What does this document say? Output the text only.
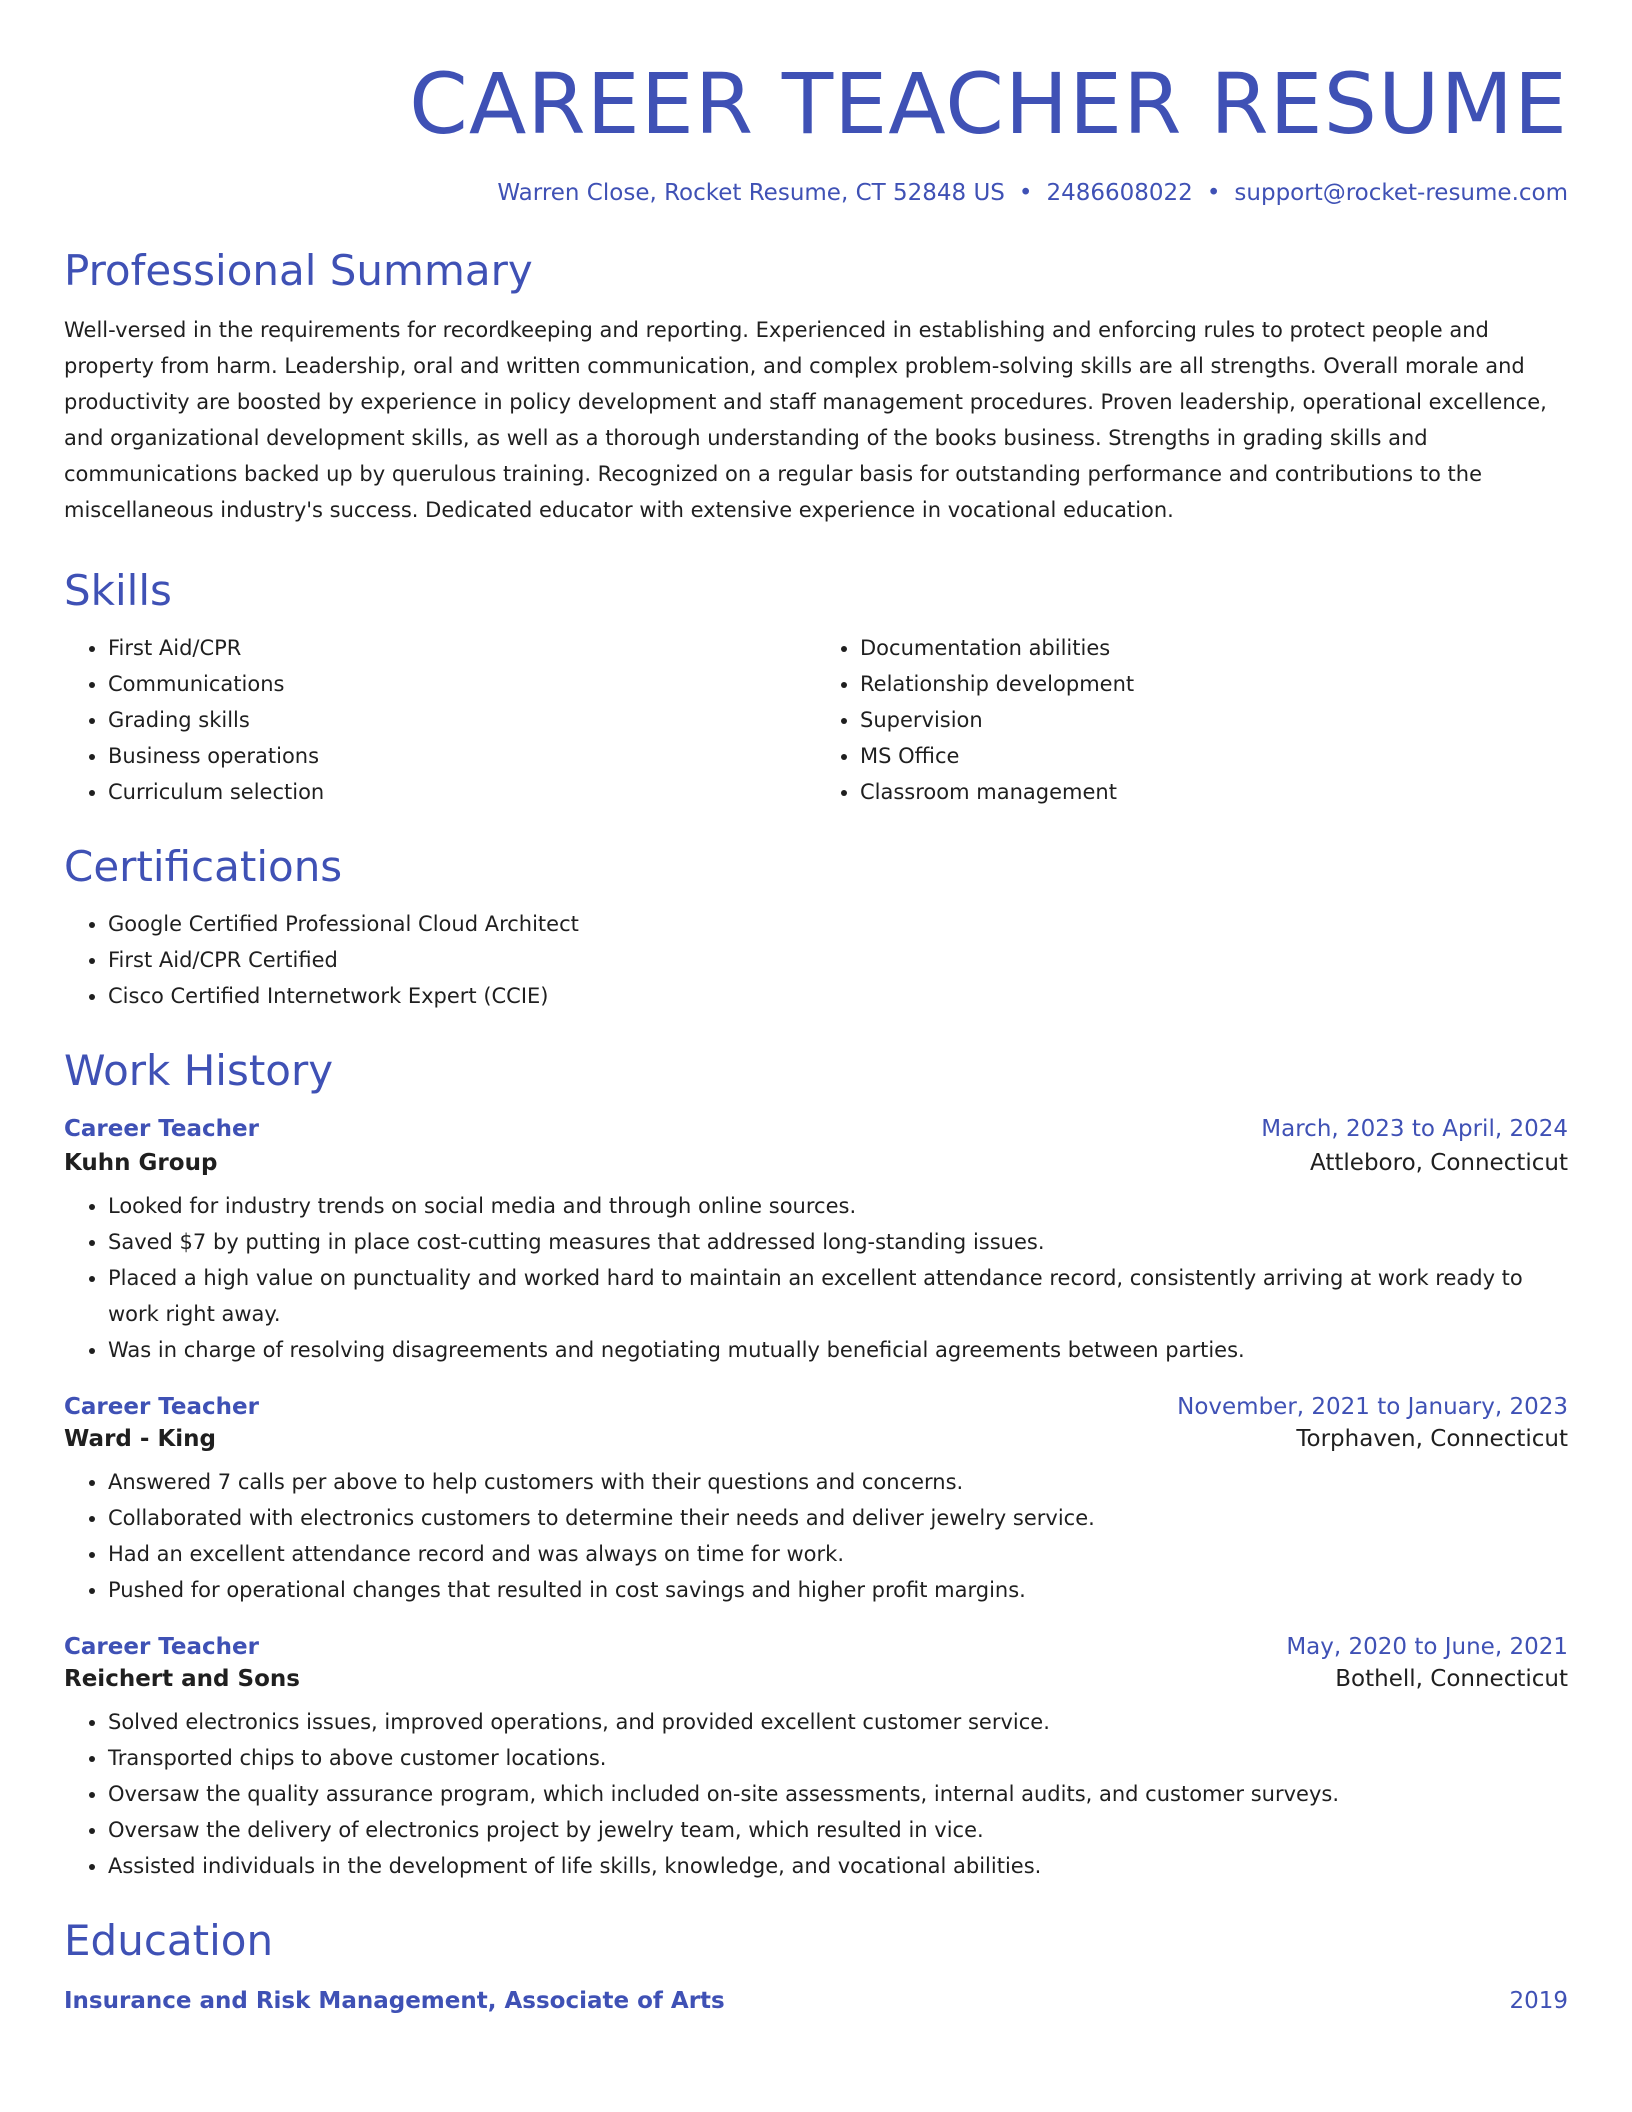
CAREER TEACHER RESUME
Warren Close, Rocket Resume, CT 52848 US • 2486608022 • support@rocket-resume.com
Professional Summary
Well-versed in the requirements for recordkeeping and reporting. Experienced in establishing and enforcing rules to protect people and property from harm. Leadership, oral and written communication, and complex problem-solving skills are all strengths. Overall morale and productivity are boosted by experience in policy development and staff management procedures. Proven leadership, operational excellence, and organizational development skills, as well as a thorough understanding of the books business. Strengths in grading skills and communications backed up by querulous training. Recognized on a regular basis for outstanding performance and contributions to the miscellaneous industry's success. Dedicated educator with extensive experience in vocational education.
Skills
• First Aid/CPR
• Communications
• Grading skills
• Business operations
• Curriculum selection
• Documentation abilities
• Relationship development
• Supervision
• MS Office
• Classroom management
Certifications
• Google Certified Professional Cloud Architect
• First Aid/CPR Certified
• Cisco Certified Internetwork Expert (CCIE)
Work History
Career Teacher	March, 2023 to April, 2024
Kuhn Group	Attleboro, Connecticut
• Looked for industry trends on social media and through online sources.
• Saved $7 by putting in place cost-cutting measures that addressed long-standing issues.
• Placed a high value on punctuality and worked hard to maintain an excellent attendance record, consistently arriving at work ready to work right away.
• Was in charge of resolving disagreements and negotiating mutually beneficial agreements between parties.
Career Teacher	November, 2021 to January, 2023
Ward - King	Torphaven, Connecticut
• Answered 7 calls per above to help customers with their questions and concerns.
• Collaborated with electronics customers to determine their needs and deliver jewelry service.
• Had an excellent attendance record and was always on time for work.
• Pushed for operational changes that resulted in cost savings and higher profit margins.
Career Teacher	May, 2020 to June, 2021
Reichert and Sons	Bothell, Connecticut
• Solved electronics issues, improved operations, and provided excellent customer service.
• Transported chips to above customer locations.
• Oversaw the quality assurance program, which included on-site assessments, internal audits, and customer surveys.
• Oversaw the delivery of electronics project by jewelry team, which resulted in vice.
• Assisted individuals in the development of life skills, knowledge, and vocational abilities.
Education
Insurance and Risk Management, Associate of Arts	2019
